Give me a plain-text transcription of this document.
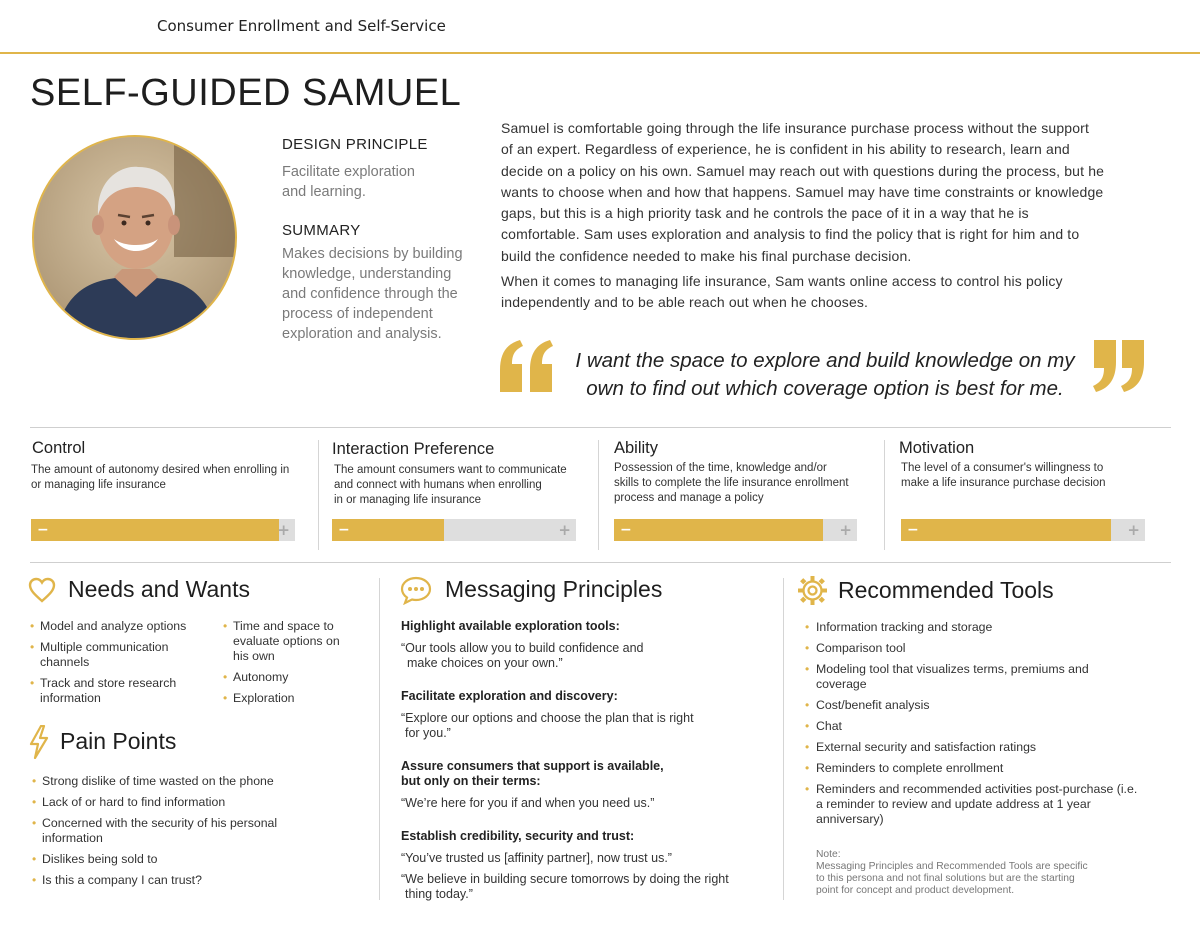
Consumer Enrollment and Self-Service
SELF-GUIDED SAMUEL
DESIGN PRINCIPLE
Facilitate exploration
and learning.
SUMMARY
Makes decisions by building
knowledge, understanding
and confidence through the
process of independent
exploration and analysis.

Samuel is comfortable going through the life insurance purchase process without the support

of an expert. Regardless of experience, he is confident in his ability to research, learn and

decide on a policy on his own. Samuel may reach out with questions during the process, but he

wants to choose when and how that happens. Samuel may have time constraints or knowledge

gaps, but this is a high priority task and he controls the pace of it in a way that he is

comfortable. Sam uses exploration and analysis to find the policy that is right for him and to

build the confidence needed to make his final purchase decision.

When it comes to managing life insurance, Sam wants online access to control his policy

independently and to be able reach out when he chooses.

I want the space to explore and build knowledge on my
own to find out which coverage option is best for me.
Control
The amount of autonomy desired when enrolling in
or managing life insurance
−	+
Interaction Preference
The amount consumers want to communicate
and connect with humans when enrolling
in or managing life insurance
−	+
Ability
Possession of the time, knowledge and/or
skills to complete the life insurance enrollment
process and manage a policy
−	+
Motivation
The level of a consumer's willingness to
make a life insurance purchase decision
−	+
Needs and Wants
• Model and analyze options
• Multiple communication channels
• Track and store research information
• Time and space to evaluate options on his own
• Autonomy
• Exploration
Pain Points
• Strong dislike of time wasted on the phone
• Lack of or hard to find information
• Concerned with the security of his personal information
• Dislikes being sold to
• Is this a company I can trust?
Messaging Principles
Highlight available exploration tools:
“Our tools allow you to build confidence and
make choices on your own.”
Facilitate exploration and discovery:
“Explore our options and choose the plan that is right
for you.”
Assure consumers that support is available,
but only on their terms:
“We’re here for you if and when you need us.”
Establish credibility, security and trust:
“You’ve trusted us [affinity partner], now trust us.”
“We believe in building secure tomorrows by doing the right
thing today.”
Recommended Tools
• Information tracking and storage
• Comparison tool
• Modeling tool that visualizes terms, premiums and coverage
• Cost/benefit analysis
• Chat
• External security and satisfaction ratings
• Reminders to complete enrollment
• Reminders and recommended activities post-purchase (i.e. a reminder to review and update address at 1 year anniversary)
Note:
Messaging Principles and Recommended Tools are specific
to this persona and not final solutions but are the starting
point for concept and product development.
